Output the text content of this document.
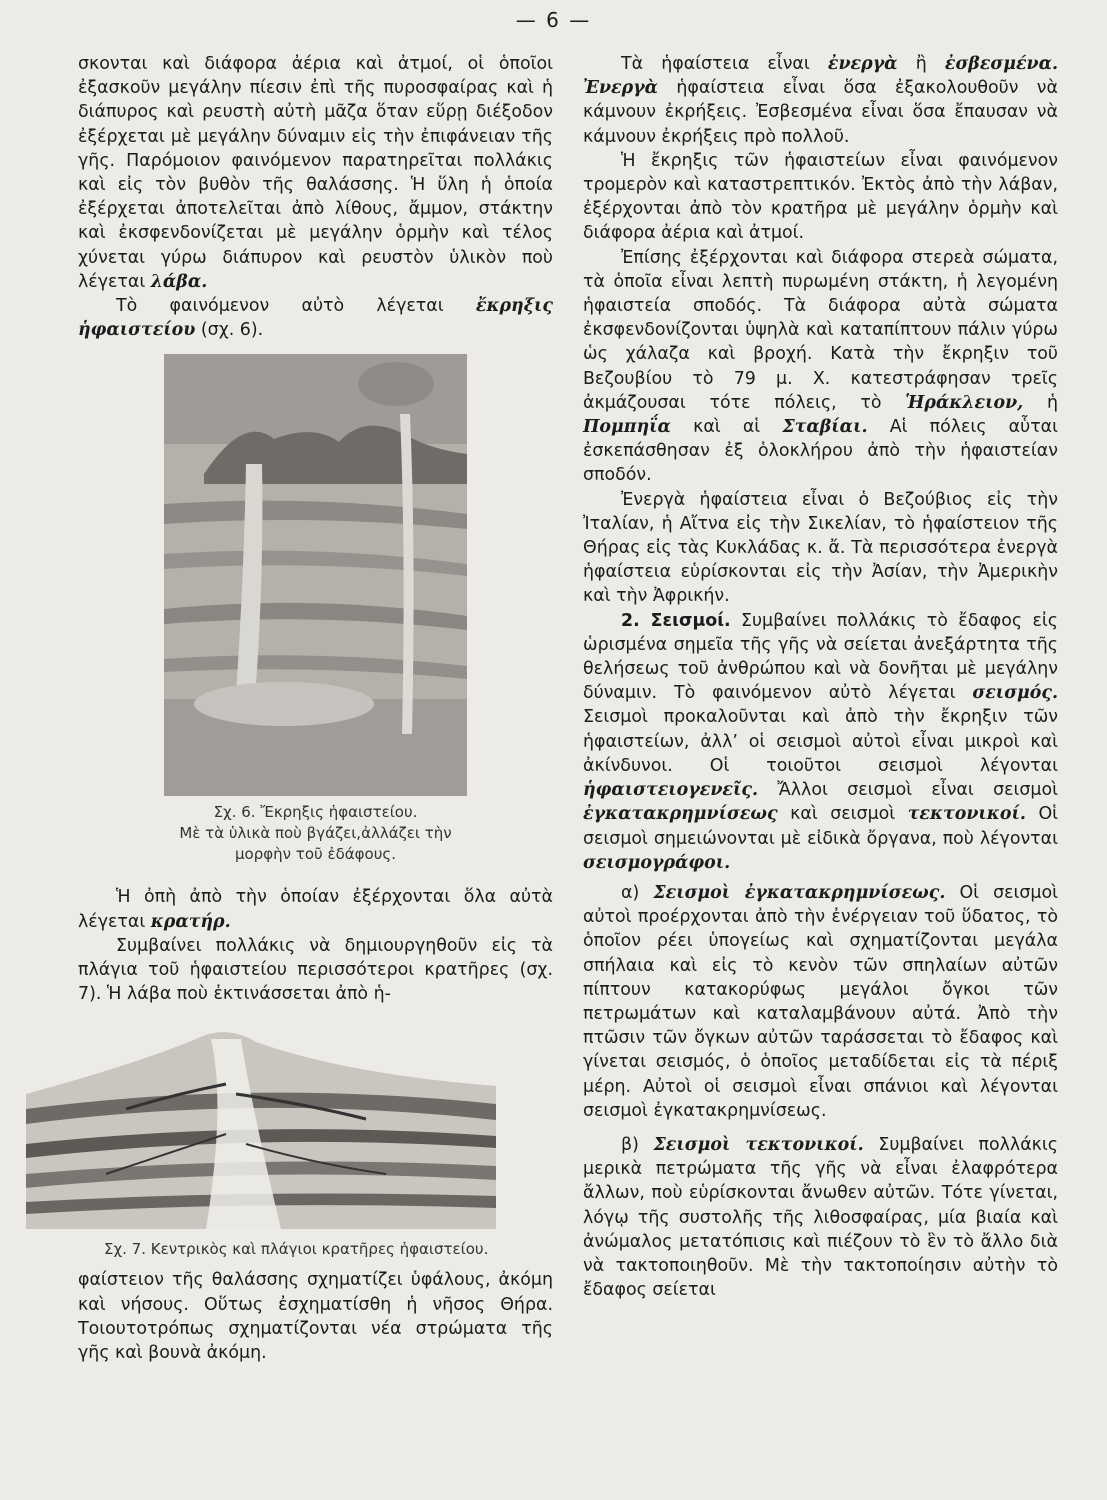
— 6 —

σκονται καὶ διάφορα ἀέρια καὶ ἀτμοί, οἱ ὁποῖοι ἐξασκοῦν μεγάλην πίεσιν ἐπὶ τῆς πυροσφαίρας καὶ ἡ διάπυρος καὶ ρευστὴ αὐτὴ μᾶζα ὅταν εὕρῃ διέξοδον ἐξέρχεται μὲ μεγάλην δύναμιν εἰς τὴν ἐπιφάνειαν τῆς γῆς. Παρόμοιον φαινόμενον παρατηρεῖται πολλάκις καὶ εἰς τὸν βυθὸν τῆς θαλάσσης. Ἡ ὕλη ἡ ὁποία ἐξέρχεται ἀποτελεῖται ἀπὸ λίθους, ἄμμον, στάκτην καὶ ἐκσφενδονίζεται μὲ μεγάλην ὁρμὴν καὶ τέλος χύνεται γύρω διάπυρον καὶ ρευστὸν ὑλικὸν ποὺ λέγεται λάβα.

Τὸ φαινόμενον αὐτὸ λέγεται ἔκρηξις ἡφαιστείου (σχ. 6).

Σχ. 6. Ἔκρηξις ἡφαιστείου.
Μὲ τὰ ὑλικὰ ποὺ βγάζει,ἀλλάζει τὴν μορφὴν τοῦ ἐδάφους.

Ἡ ὀπὴ ἀπὸ τὴν ὁποίαν ἐξέρχονται ὅλα αὐτὰ λέγεται κρατήρ.

Συμβαίνει πολλάκις νὰ δημιουργηθοῦν εἰς τὰ πλάγια τοῦ ἡφαιστείου περισσότεροι κρατῆρες (σχ. 7). Ἡ λάβα ποὺ ἐκτινάσσεται ἀπὸ ἡ-

Σχ. 7. Κεντρικὸς καὶ πλάγιοι κρατῆρες ἡφαιστείου.

φαίστειον τῆς θαλάσσης σχηματίζει ὑφάλους, ἀκόμη καὶ νήσους. Οὕτως ἐσχηματίσθη ἡ νῆσος Θήρα. Τοιουτοτρόπως σχηματίζονται νέα στρώματα τῆς γῆς καὶ βουνὰ ἀκόμη.

Τὰ ἡφαίστεια εἶναι ἐνεργὰ ἢ ἐσβεσμένα. Ἐνεργὰ ἡφαίστεια εἶναι ὅσα ἐξακολουθοῦν νὰ κάμνουν ἐκρήξεις. Ἐσβεσμένα εἶναι ὅσα ἔπαυσαν νὰ κάμνουν ἐκρήξεις πρὸ πολλοῦ.

Ἡ ἔκρηξις τῶν ἡφαιστείων εἶναι φαινόμενον τρομερὸν καὶ καταστρεπτικόν. Ἐκτὸς ἀπὸ τὴν λάβαν, ἐξέρχονται ἀπὸ τὸν κρατῆρα μὲ μεγάλην ὁρμὴν καὶ διάφορα ἀέρια καὶ ἀτμοί.

Ἐπίσης ἐξέρχονται καὶ διάφορα στερεὰ σώματα, τὰ ὁποῖα εἶναι λεπτὴ πυρωμένη στάκτη, ἡ λεγομένη ἡφαιστεία σποδός. Τὰ διάφορα αὐτὰ σώματα ἐκσφενδονίζονται ὑψηλὰ καὶ καταπίπτουν πάλιν γύρω ὡς χάλαζα καὶ βροχή. Κατὰ τὴν ἔκρηξιν τοῦ Βεζουβίου τὸ 79 μ. Χ. κατεστράφησαν τρεῖς ἀκμάζουσαι τότε πόλεις, τὸ Ἡράκλειον, ἡ Πομπηΐα καὶ αἱ Σταβίαι. Αἱ πόλεις αὗται ἐσκεπάσθησαν ἐξ ὁλοκλήρου ἀπὸ τὴν ἡφαιστείαν σποδόν.

Ἐνεργὰ ἡφαίστεια εἶναι ὁ Βεζούβιος εἰς τὴν Ἰταλίαν, ἡ Αἴτνα εἰς τὴν Σικελίαν, τὸ ἡφαίστειον τῆς Θήρας εἰς τὰς Κυκλάδας κ. ἄ. Τὰ περισσότερα ἐνεργὰ ἡφαίστεια εὑρίσκονται εἰς τὴν Ἀσίαν, τὴν Ἀμερικὴν καὶ τὴν Ἀφρικήν.

2. Σεισμοί. Συμβαίνει πολλάκις τὸ ἔδαφος εἰς ὡρισμένα σημεῖα τῆς γῆς νὰ σείεται ἀνεξάρτητα τῆς θελήσεως τοῦ ἀνθρώπου καὶ νὰ δονῆται μὲ μεγάλην δύναμιν. Τὸ φαινόμενον αὐτὸ λέγεται σεισμός. Σεισμοὶ προκαλοῦνται καὶ ἀπὸ τὴν ἔκρηξιν τῶν ἡφαιστείων, ἀλλ’ οἱ σεισμοὶ αὐτοὶ εἶναι μικροὶ καὶ ἀκίνδυνοι. Οἱ τοιοῦτοι σεισμοὶ λέγονται ἡφαιστειογενεῖς. Ἄλλοι σεισμοὶ εἶναι σεισμοὶ ἐγκατακρημνίσεως καὶ σεισμοὶ τεκτονικοί. Οἱ σεισμοὶ σημειώνονται μὲ εἰδικὰ ὄργανα, ποὺ λέγονται σεισμογράφοι.

α) Σεισμοὶ ἐγκατακρημνίσεως. Οἱ σεισμοὶ αὐτοὶ προέρχονται ἀπὸ τὴν ἐνέργειαν τοῦ ὕδατος, τὸ ὁποῖον ρέει ὑπογείως καὶ σχηματίζονται μεγάλα σπήλαια καὶ εἰς τὸ κενὸν τῶν σπηλαίων αὐτῶν πίπτουν κατακορύφως μεγάλοι ὄγκοι τῶν πετρωμάτων καὶ καταλαμβάνουν αὐτά. Ἀπὸ τὴν πτῶσιν τῶν ὄγκων αὐτῶν ταράσσεται τὸ ἔδαφος καὶ γίνεται σεισμός, ὁ ὁποῖος μεταδίδεται εἰς τὰ πέριξ μέρη. Αὐτοὶ οἱ σεισμοὶ εἶναι σπάνιοι καὶ λέγονται σεισμοὶ ἐγκατακρημνίσεως.

β) Σεισμοὶ τεκτονικοί. Συμβαίνει πολλάκις μερικὰ πετρώματα τῆς γῆς νὰ εἶναι ἐλαφρότερα ἄλλων, ποὺ εὑρίσκονται ἄνωθεν αὐτῶν. Τότε γίνεται, λόγῳ τῆς συστολῆς τῆς λιθοσφαίρας, μία βιαία καὶ ἀνώμαλος μετατόπισις καὶ πιέζουν τὸ ἓν τὸ ἄλλο διὰ νὰ τακτοποιηθοῦν. Μὲ τὴν τακτοποίησιν αὐτὴν τὸ ἔδαφος σείεται
